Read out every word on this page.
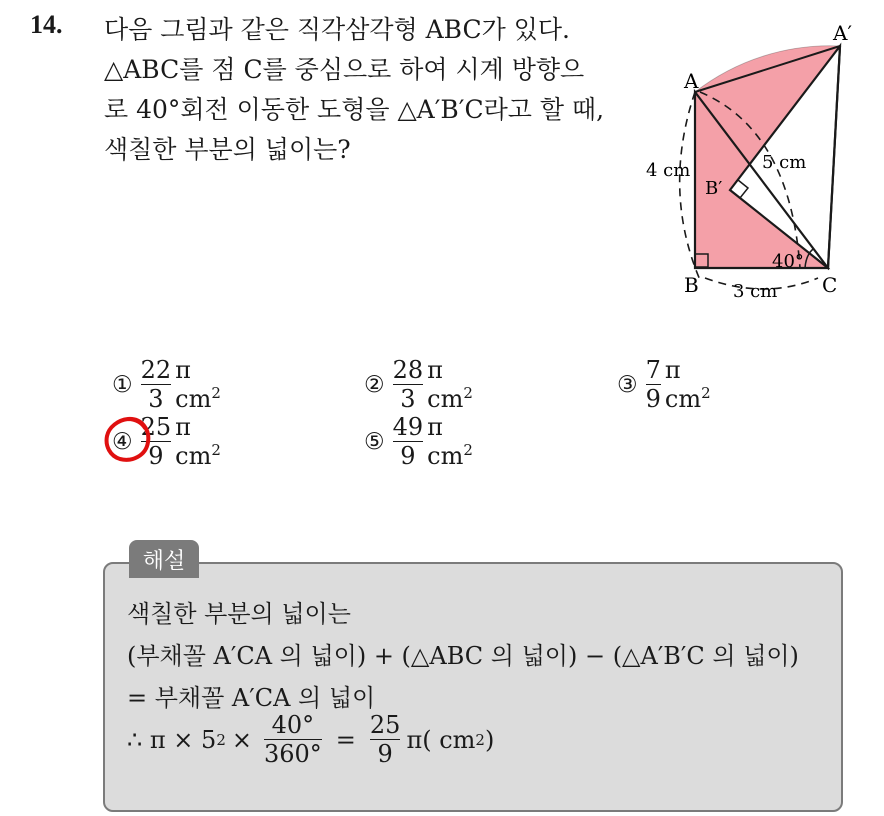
14. 다음 그림과 같은 직각삼각형 ABC가 있다.
△ABC를 점 C를 중심으로 하여 시계 방향으
로 40°회전 이동한 도형을 △A′B′C라고 할 때,
색칠한 부분의 넓이는?
A
A′
B
B′
C
4 cm
3 cm
5 cm
40°
① $\frac{22}{3}$ π $cm^2$	② $\frac{28}{3}$ π $cm^2$	③ $\frac{7}{9}$ π $cm^2$
④ $\frac{25}{9}$ π $cm^2$	⑤ $\frac{49}{9}$ π $cm^2$
해설
색칠한 부분의 넓이는
(부채꼴 A′CA 의 넓이) + (△ABC 의 넓이) − (△A′B′C 의 넓이)
= 부채꼴 A′CA 의 넓이
∴ π × 5 $2 \times \frac{40^\circ}{360^\circ} = \frac{25}{9} \pi$( cm 2 )
